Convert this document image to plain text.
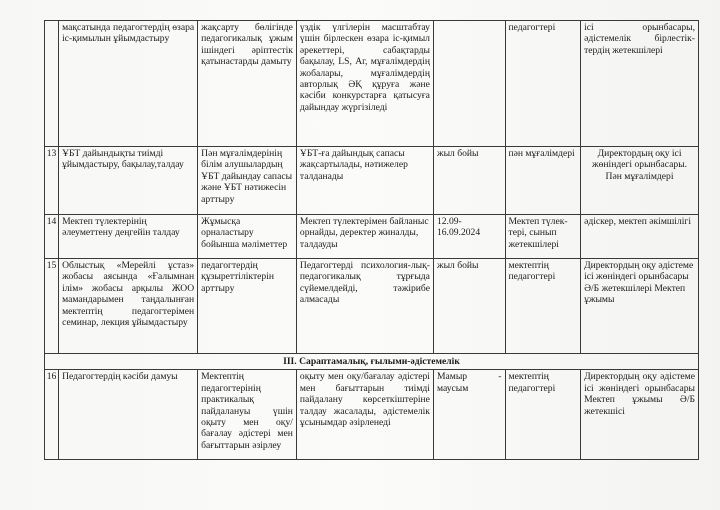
	мақсатында педагогтердің өзара іс-қимылын ұйымдастыру	жақсарту бөлігінде педагогикалық ұжым ішіндегі әріптестік қатынастарды дамыту	үздік үлгілерін масштабтау үшін бірлескен өзара іс-қимыл әрекеттері, сабақтарды бақылау, LS, Аг, мұғалімдердің жобалары, мұғалімдердің авторлық ӘҚ құруға және кәсіби конкурстарға қатысуға дайындау жүргізіледі		педагогтері	ісі орынбасары, әдістемелік бірлестік-тердің жетекшілері
13	ҰБТ дайындықты тиімді ұйымдастыру, бақылау,талдау	Пән мұғалімдерінің білім алушылардың ҰБТ дайындау сапасы және ҰБТ нәтижесін арттыру	ҰБТ-ға дайындық сапасы жақсартылады, нәтижелер талданады	жыл бойы	пән мұғалімдері	Директордың оқу ісі жөніндегі орынбасары. Пән мұғалімдері
14	Мектеп түлектерінің әлеуметтену деңгейін талдау	Жұмысқа орналастыру бойынша мәліметтер	Мектеп түлектерімен байланыс орнайды, деректер жиналды, талдауды	12.09-16.09.2024	Мектеп түлек-тері, сынып жетекшілері	әдіскер, мектеп әкімшілігі
15	Облыстық «Мерейлі ұстаз» жобасы аясында «Ғалымнан ілім» жобасы арқылы ЖОО мамандарымен таңдалынған мектептің педагогтерімен семинар, лекция ұйымдастыру	педагогтердің құзыреттіліктерін арттыру	Педагогтерді психология-лық-педагогикалық тұрғыда сүйемелдейді, тәжірибе алмасады	жыл бойы	мектептің педагогтері	Директордың оқу әдістеме ісі жөніндегі орынбасары Ә/Б жетекшілері Мектеп ұжымы
III. Сараптамалық, ғылыми-әдістемелік						
16	Педагогтердің кәсіби дамуы	Мектептің педагогтерінің практикалық пайдалануы үшін оқыту мен оқу/бағалау әдістері мен бағыттарын әзірлеу	оқыту мен оқу/бағалау әдістері мен бағыттарын тиімді пайдалану көрсеткіштеріне талдау жасалады, әдістемелік ұсынымдар әзірленеді	Мамыр - маусым	мектептің педагогтері	Директордың оқу әдістеме ісі жөніндегі орынбасары Мектеп ұжымы Ә/Б жетекшісі
